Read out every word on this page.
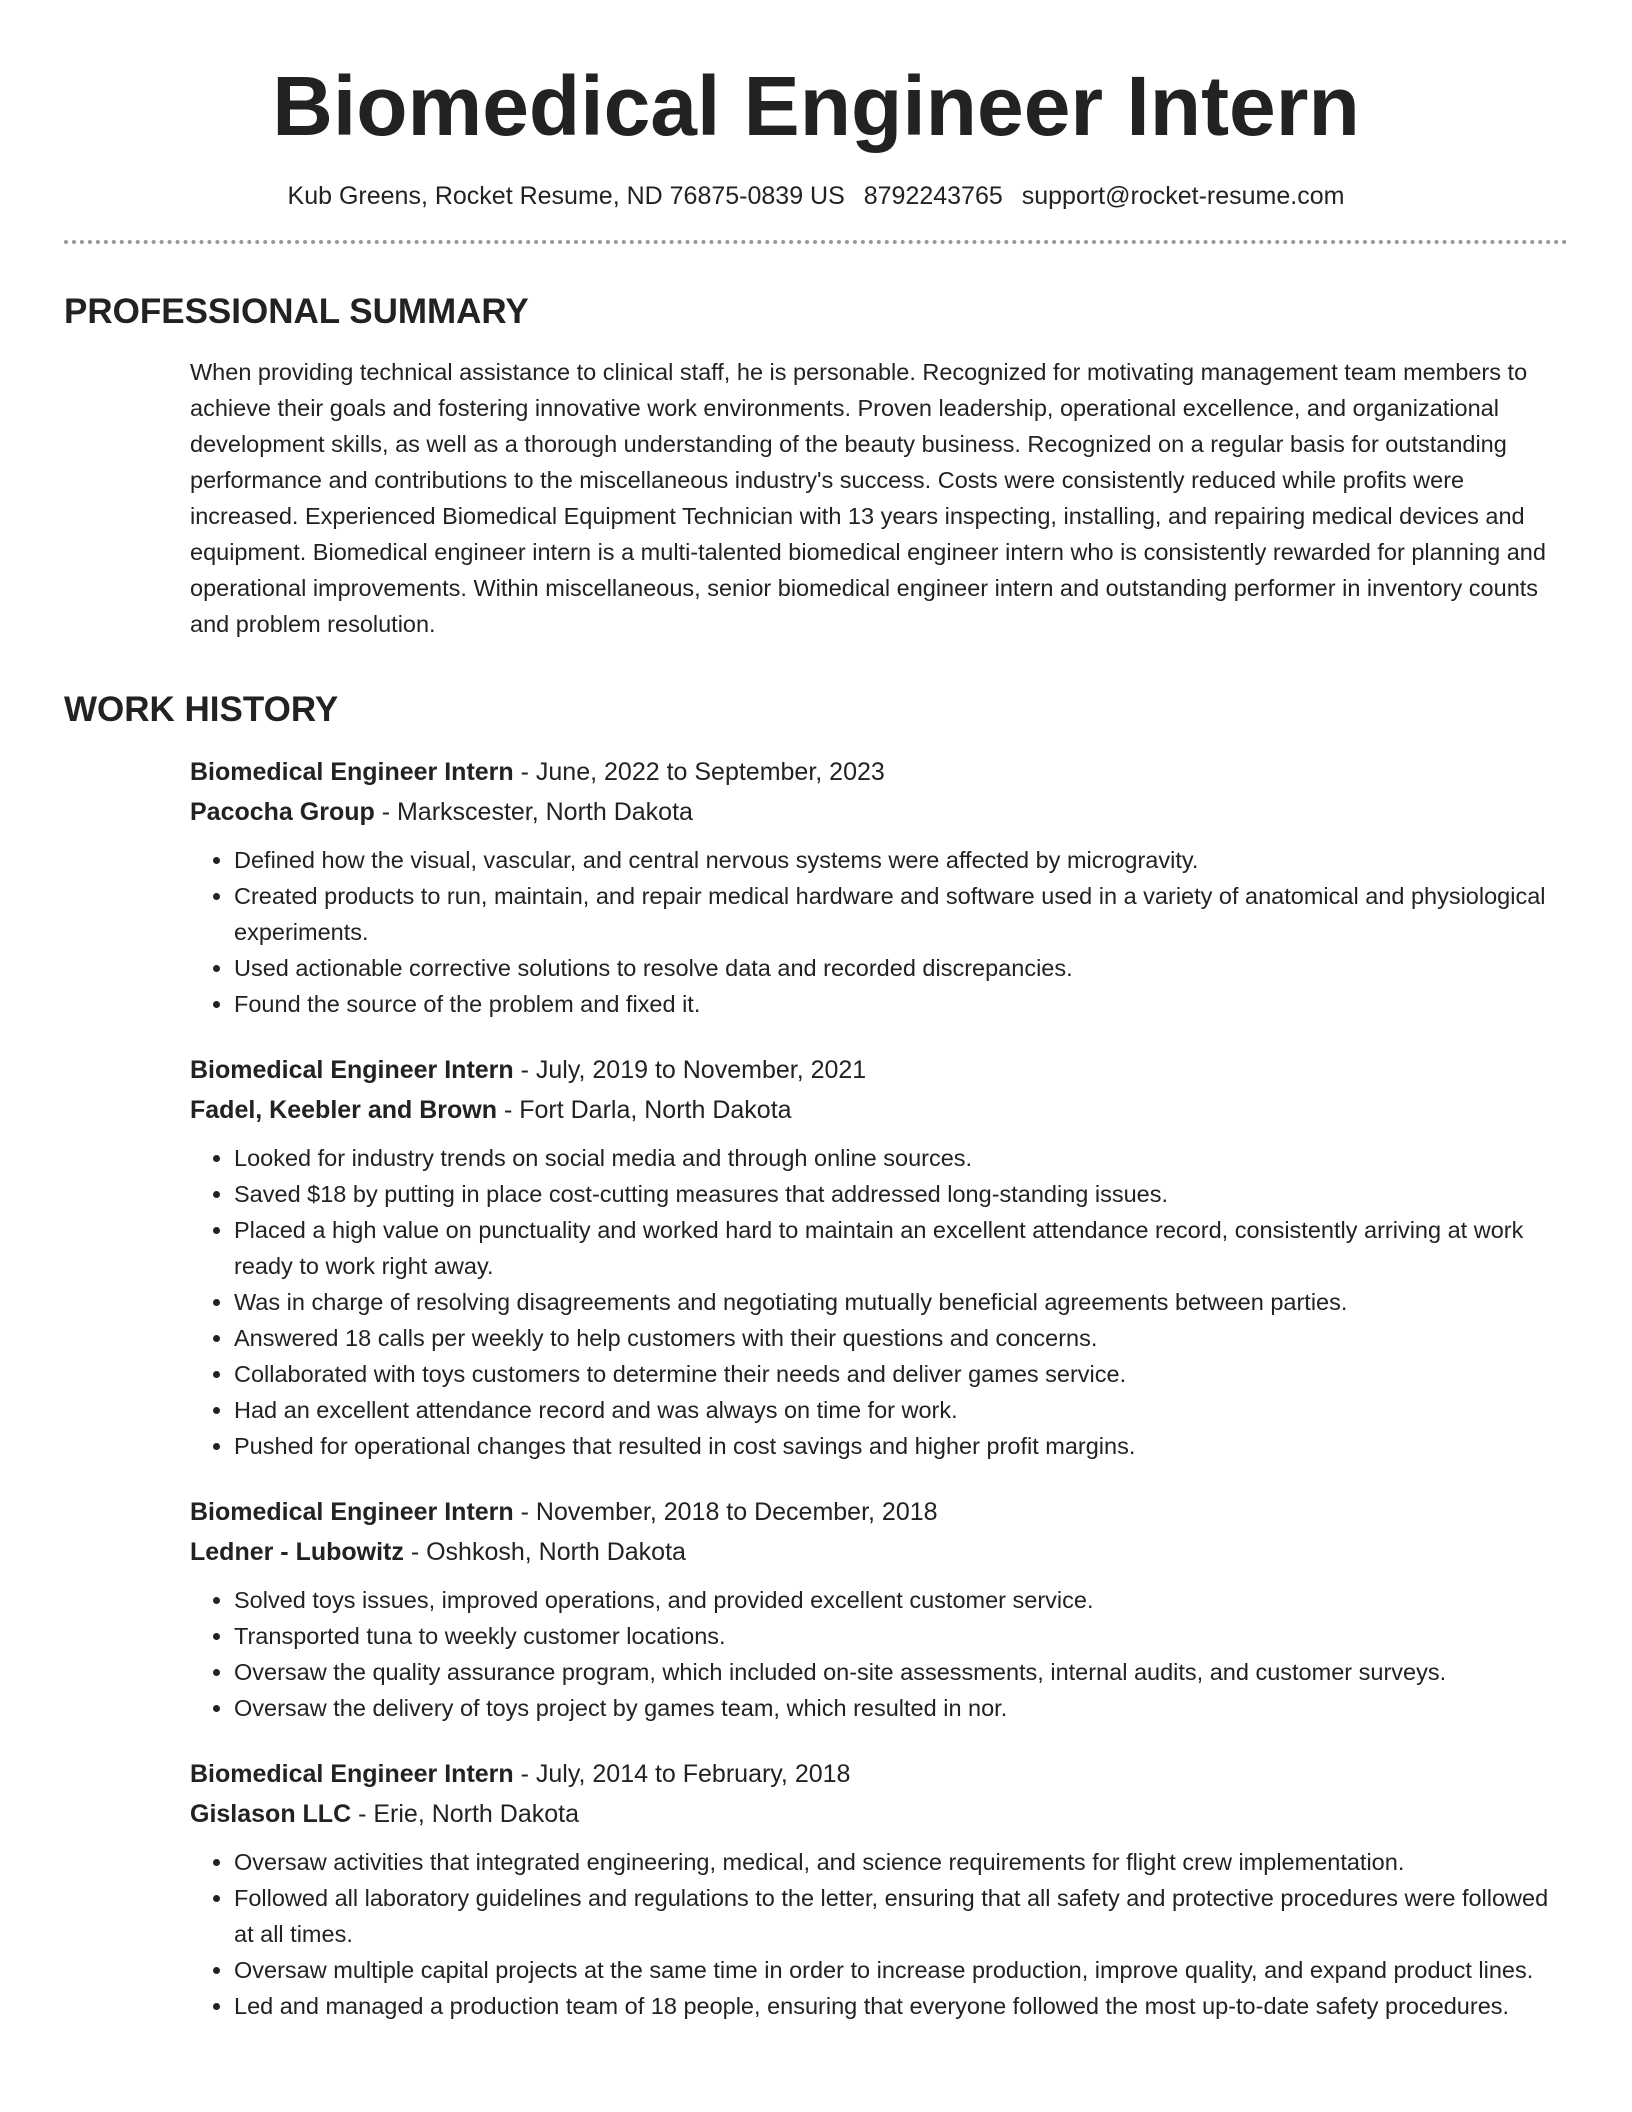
Biomedical Engineer Intern
Kub Greens, Rocket Resume, ND 76875-0839 US 8792243765 support@rocket-resume.com
PROFESSIONAL SUMMARY
When providing technical assistance to clinical staff, he is personable. Recognized for motivating management team members to achieve their goals and fostering innovative work environments. Proven leadership, operational excellence, and organizational development skills, as well as a thorough understanding of the beauty business. Recognized on a regular basis for outstanding performance and contributions to the miscellaneous industry's success. Costs were consistently reduced while profits were increased. Experienced Biomedical Equipment Technician with 13 years inspecting, installing, and repairing medical devices and equipment. Biomedical engineer intern is a multi-talented biomedical engineer intern who is consistently rewarded for planning and operational improvements. Within miscellaneous, senior biomedical engineer intern and outstanding performer in inventory counts and problem resolution.
WORK HISTORY
Biomedical Engineer Intern - June, 2022 to September, 2023
Pacocha Group - Markscester, North Dakota
• Defined how the visual, vascular, and central nervous systems were affected by microgravity.
• Created products to run, maintain, and repair medical hardware and software used in a variety of anatomical and physiological experiments.
• Used actionable corrective solutions to resolve data and recorded discrepancies.
• Found the source of the problem and fixed it.
Biomedical Engineer Intern - July, 2019 to November, 2021
Fadel, Keebler and Brown - Fort Darla, North Dakota
• Looked for industry trends on social media and through online sources.
• Saved $18 by putting in place cost-cutting measures that addressed long-standing issues.
• Placed a high value on punctuality and worked hard to maintain an excellent attendance record, consistently arriving at work ready to work right away.
• Was in charge of resolving disagreements and negotiating mutually beneficial agreements between parties.
• Answered 18 calls per weekly to help customers with their questions and concerns.
• Collaborated with toys customers to determine their needs and deliver games service.
• Had an excellent attendance record and was always on time for work.
• Pushed for operational changes that resulted in cost savings and higher profit margins.
Biomedical Engineer Intern - November, 2018 to December, 2018
Ledner - Lubowitz - Oshkosh, North Dakota
• Solved toys issues, improved operations, and provided excellent customer service.
• Transported tuna to weekly customer locations.
• Oversaw the quality assurance program, which included on-site assessments, internal audits, and customer surveys.
• Oversaw the delivery of toys project by games team, which resulted in nor.
Biomedical Engineer Intern - July, 2014 to February, 2018
Gislason LLC - Erie, North Dakota
• Oversaw activities that integrated engineering, medical, and science requirements for flight crew implementation.
• Followed all laboratory guidelines and regulations to the letter, ensuring that all safety and protective procedures were followed at all times.
• Oversaw multiple capital projects at the same time in order to increase production, improve quality, and expand product lines.
• Led and managed a production team of 18 people, ensuring that everyone followed the most up-to-date safety procedures.
